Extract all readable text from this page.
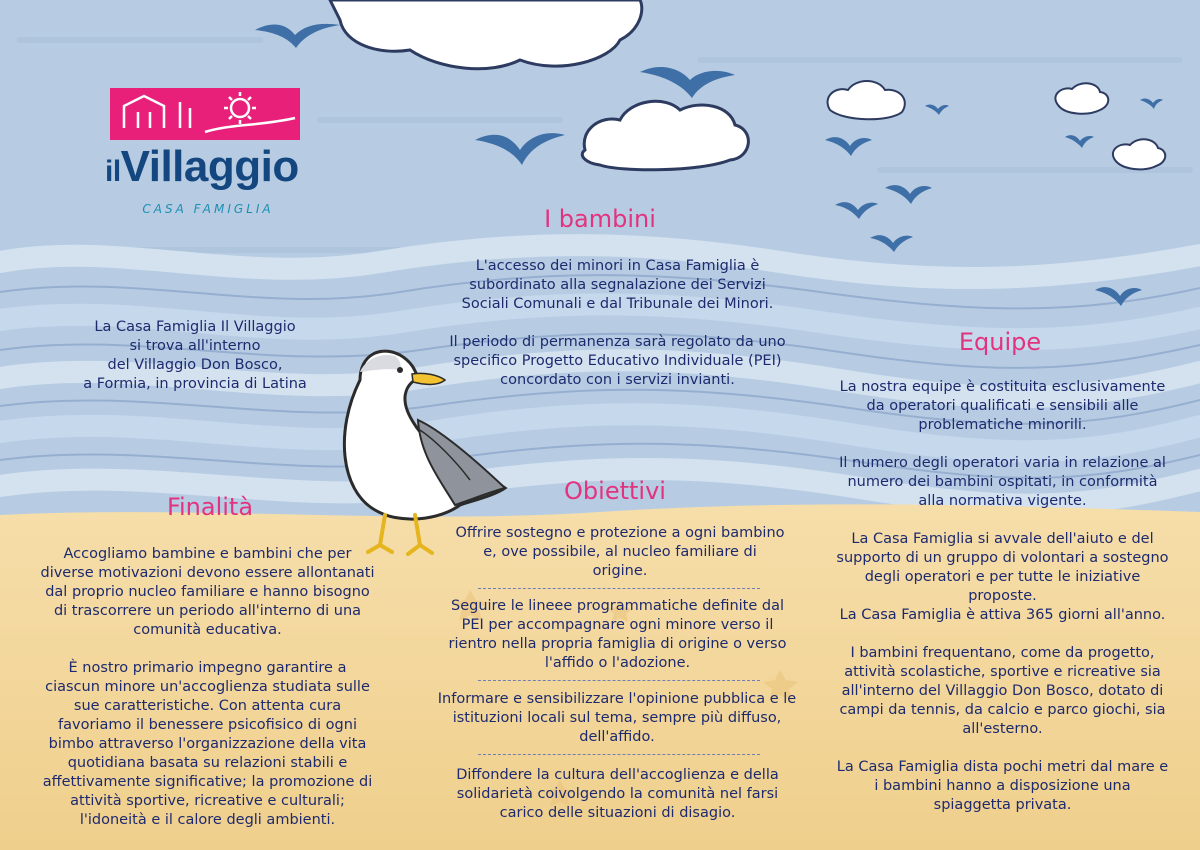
ilVillaggio
CASA FAMIGLIA
La Casa Famiglia Il Villaggio
si trova all'interno
del Villaggio Don Bosco,
a Formia, in provincia di Latina
I bambini

L'accesso dei minori in Casa Famiglia è subordinato alla segnalazione dei Servizi Sociali Comunali e dal Tribunale dei Minori.

Il periodo di permanenza sarà regolato da uno specifico Progetto Educativo Individuale (PEI) concordato con i servizi invianti.

Equipe

La nostra equipe è costituita esclusivamente da operatori qualificati e sensibili alle problematiche minorili.

Il numero degli operatori varia in relazione al numero dei bambini ospitati, in conformità alla normativa vigente.

La Casa Famiglia si avvale dell'aiuto e del supporto di un gruppo di volontari a sostegno degli operatori e per tutte le iniziative proposte.

La Casa Famiglia è attiva 365 giorni all'anno.

I bambini frequentano, come da progetto, attività scolastiche, sportive e ricreative sia all'interno del Villaggio Don Bosco, dotato di campi da tennis, da calcio e parco giochi, sia all'esterno.

La Casa Famiglia dista pochi metri dal mare e i bambini hanno a disposizione una spiaggetta privata.

Finalità

Accogliamo bambine e bambini che per diverse motivazioni devono essere allontanati dal proprio nucleo familiare e hanno bisogno di trascorrere un periodo all'interno di una comunità educativa.

È nostro primario impegno garantire a ciascun minore un'accoglienza studiata sulle sue caratteristiche. Con attenta cura favoriamo il benessere psicofisico di ogni bimbo attraverso l'organizzazione della vita quotidiana basata su relazioni stabili e affettivamente significative; la promozione di attività sportive, ricreative e culturali; l'idoneità e il calore degli ambienti.

Obiettivi
Offrire sostegno e protezione a ogni bambino e, ove possibile, al nucleo familiare di origine.
Seguire le lineee programmatiche definite dal PEI per accompagnare ogni minore verso il rientro nella propria famiglia di origine o verso l'affido o l'adozione.
Informare e sensibilizzare l'opinione pubblica e le istituzioni locali sul tema, sempre più diffuso, dell'affido.
Diffondere la cultura dell'accoglienza e della solidarietà coivolgendo la comunità nel farsi carico delle situazioni di disagio.
